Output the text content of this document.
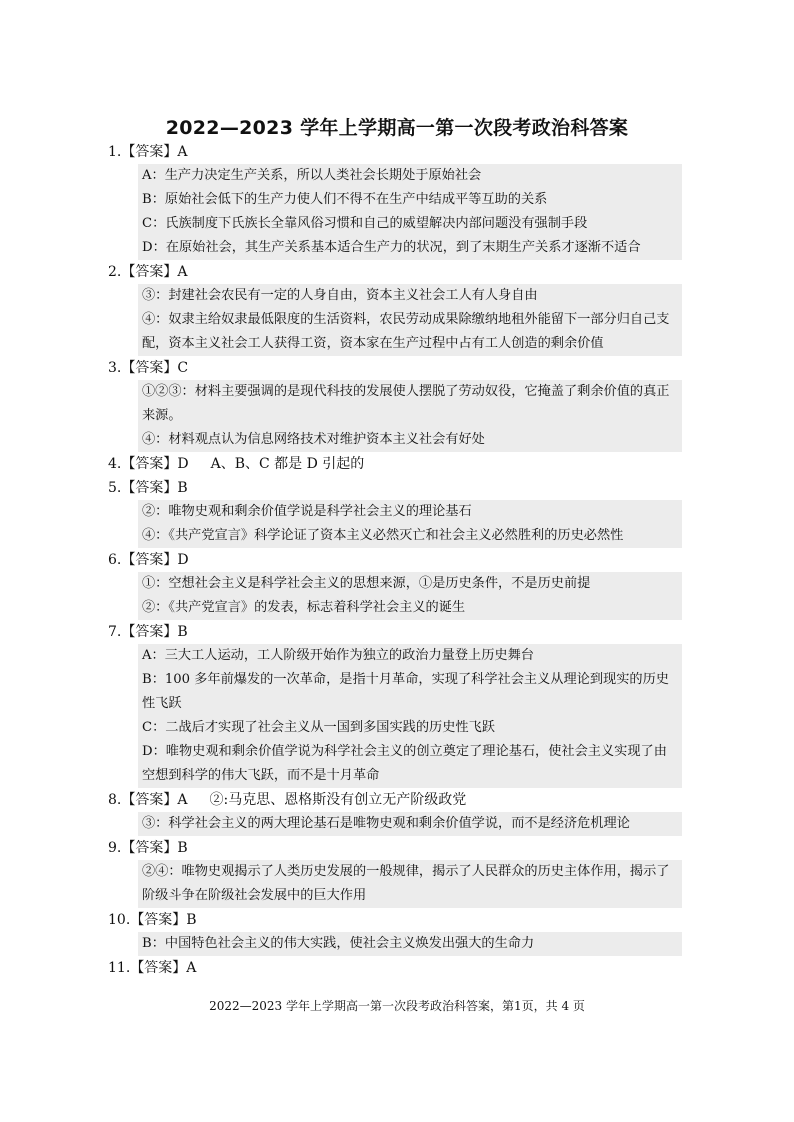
2022—2023 学年上学期高一第一次段考政治科答案
1.【答案】A
A：生产力决定生产关系，所以人类社会长期处于原始社会
B：原始社会低下的生产力使人们不得不在生产中结成平等互助的关系
C：氏族制度下氏族长全靠风俗习惯和自己的威望解决内部问题没有强制手段
D：在原始社会，其生产关系基本适合生产力的状况，到了末期生产关系才逐渐不适合
2.【答案】A
③：封建社会农民有一定的人身自由，资本主义社会工人有人身自由
④：奴隶主给奴隶最低限度的生活资料，农民劳动成果除缴纳地租外能留下一部分归自己支配，资本主义社会工人获得工资，资本家在生产过程中占有工人创造的剩余价值
3.【答案】C
①②③：材料主要强调的是现代科技的发展使人摆脱了劳动奴役，它掩盖了剩余价值的真正来源。
④：材料观点认为信息网络技术对维护资本主义社会有好处
4.【答案】D A、B、C 都是 D 引起的
5.【答案】B
②：唯物史观和剩余价值学说是科学社会主义的理论基石
④：《共产党宣言》科学论证了资本主义必然灭亡和社会主义必然胜利的历史必然性
6.【答案】D
①：空想社会主义是科学社会主义的思想来源，①是历史条件，不是历史前提
②：《共产党宣言》的发表，标志着科学社会主义的诞生
7.【答案】B
A：三大工人运动，工人阶级开始作为独立的政治力量登上历史舞台
B：100 多年前爆发的一次革命，是指十月革命，实现了科学社会主义从理论到现实的历史性飞跃
C：二战后才实现了社会主义从一国到多国实践的历史性飞跃
D：唯物史观和剩余价值学说为科学社会主义的创立奠定了理论基石，使社会主义实现了由空想到科学的伟大飞跃，而不是十月革命
8.【答案】A ②:马克思、恩格斯没有创立无产阶级政党
③：科学社会主义的两大理论基石是唯物史观和剩余价值学说，而不是经济危机理论
9.【答案】B
②④：唯物史观揭示了人类历史发展的一般规律，揭示了人民群众的历史主体作用，揭示了阶级斗争在阶级社会发展中的巨大作用
10.【答案】B
B：中国特色社会主义的伟大实践，使社会主义焕发出强大的生命力
11.【答案】A
2022—2023 学年上学期高一第一次段考政治科答案，第1页，共 4 页
